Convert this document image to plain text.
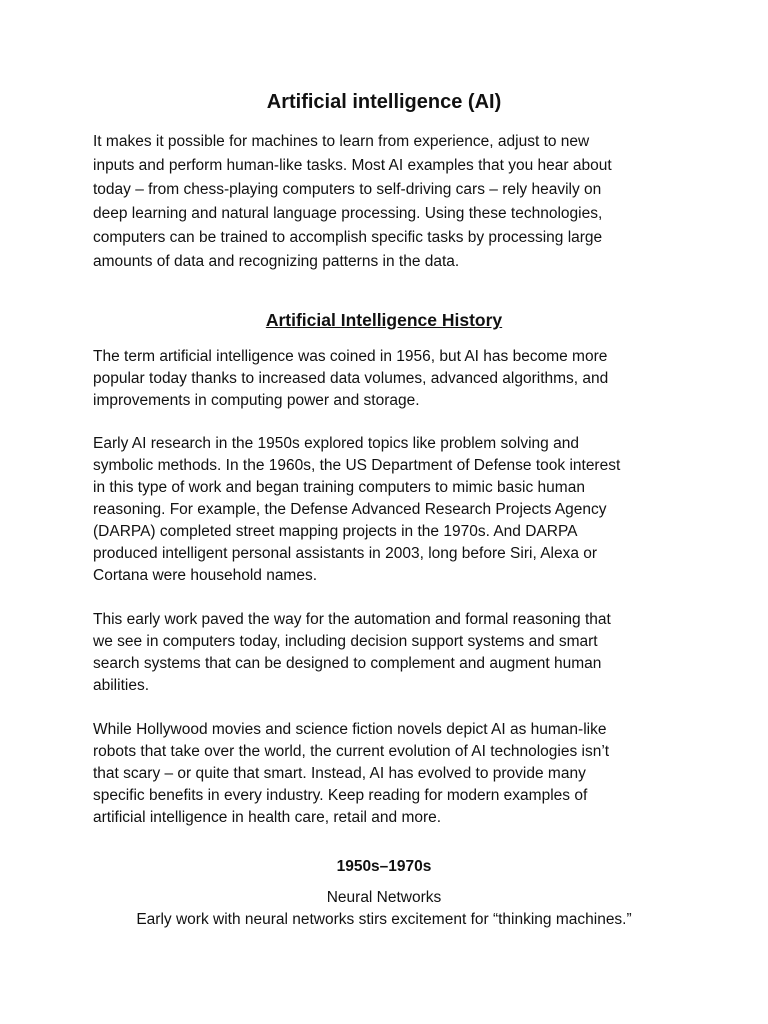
Artificial intelligence (AI)

It makes it possible for machines to learn from experience, adjust to new
inputs and perform human-like tasks. Most AI examples that you hear about
today – from chess-playing computers to self-driving cars – rely heavily on
deep learning and natural language processing. Using these technologies,
computers can be trained to accomplish specific tasks by processing large
amounts of data and recognizing patterns in the data.

Artificial Intelligence History

The term artificial intelligence was coined in 1956, but AI has become more
popular today thanks to increased data volumes, advanced algorithms, and
improvements in computing power and storage.

Early AI research in the 1950s explored topics like problem solving and
symbolic methods. In the 1960s, the US Department of Defense took interest
in this type of work and began training computers to mimic basic human
reasoning. For example, the Defense Advanced Research Projects Agency
(DARPA) completed street mapping projects in the 1970s. And DARPA
produced intelligent personal assistants in 2003, long before Siri, Alexa or
Cortana were household names.

This early work paved the way for the automation and formal reasoning that
we see in computers today, including decision support systems and smart
search systems that can be designed to complement and augment human
abilities.

While Hollywood movies and science fiction novels depict AI as human-like
robots that take over the world, the current evolution of AI technologies isn’t
that scary – or quite that smart. Instead, AI has evolved to provide many
specific benefits in every industry. Keep reading for modern examples of
artificial intelligence in health care, retail and more.

1950s–1970s
Neural Networks
Early work with neural networks stirs excitement for “thinking machines.”
